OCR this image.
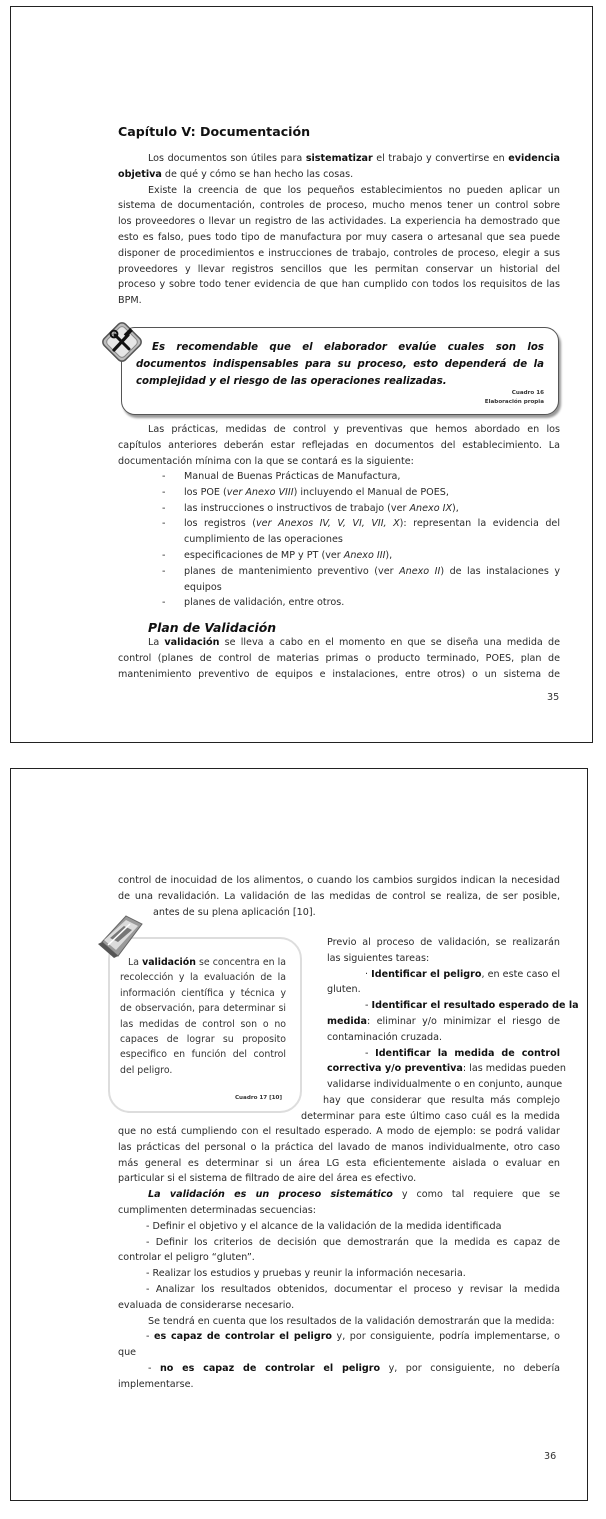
Capítulo V: Documentación
Los documentos son útiles para sistematizar el trabajo y convertirse en evidencia
objetiva de qué y cómo se han hecho las cosas.
Existe la creencia de que los pequeños establecimientos no pueden aplicar un
sistema de documentación, controles de proceso, mucho menos tener un control sobre
los proveedores o llevar un registro de las actividades. La experiencia ha demostrado que
esto es falso, pues todo tipo de manufactura por muy casera o artesanal que sea puede
disponer de procedimientos e instrucciones de trabajo, controles de proceso, elegir a sus
proveedores y llevar registros sencillos que les permitan conservar un historial del
proceso y sobre todo tener evidencia de que han cumplido con todos los requisitos de las
BPM.
Es recomendable que el elaborador evalúe cuales son los
documentos indispensables para su proceso, esto dependerá de la
complejidad y el riesgo de las operaciones realizadas.
Cuadro 16
Elaboración propia
Las prácticas, medidas de control y preventivas que hemos abordado en los
capítulos anteriores deberán estar reflejadas en documentos del establecimiento. La
documentación mínima con la que se contará es la siguiente:
- Manual de Buenas Prácticas de Manufactura,
- los POE (ver Anexo VIII) incluyendo el Manual de POES,
- las instrucciones o instructivos de trabajo (ver Anexo IX),
- los registros (ver Anexos IV, V, VI, VII, X): representan la evidencia del cumplimiento de las operaciones
- especificaciones de MP y PT (ver Anexo III),
- planes de mantenimiento preventivo (ver Anexo II) de las instalaciones y equipos
- planes de validación, entre otros.
Plan de Validación
La validación se lleva a cabo en el momento en que se diseña una medida de
control (planes de control de materias primas o producto terminado, POES, plan de
mantenimiento preventivo de equipos e instalaciones, entre otros) o un sistema de
35
control de inocuidad de los alimentos, o cuando los cambios surgidos indican la necesidad
de una revalidación. La validación de las medidas de control se realiza, de ser posible,
antes de su plena aplicación [10].
La validación se concentra en la recolección y la evaluación de la información científica y técnica y de observación, para determinar si las medidas de control son o no capaces de lograr su proposito especifico en función del control del peligro.
Cuadro 17 [10]
Previo al proceso de validación, se realizarán
las siguientes tareas:
· Identificar el peligro, en este caso el
gluten.
- Identificar el resultado esperado de la
medida: eliminar y/o minimizar el riesgo de
contaminación cruzada.
- Identificar la medida de control
correctiva y/o preventiva: las medidas pueden
validarse individualmente o en conjunto, aunque
hay que considerar que resulta más complejo
determinar para este último caso cuál es la medida
que no está cumpliendo con el resultado esperado. A modo de ejemplo: se podrá validar
las prácticas del personal o la práctica del lavado de manos individualmente, otro caso
más general es determinar si un área LG esta eficientemente aislada o evaluar en
particular si el sistema de filtrado de aire del área es efectivo.
La validación es un proceso sistemático y como tal requiere que se
cumplimenten determinadas secuencias:
- Definir el objetivo y el alcance de la validación de la medida identificada
- Definir los criterios de decisión que demostrarán que la medida es capaz de
controlar el peligro “gluten”.
- Realizar los estudios y pruebas y reunir la información necesaria.
- Analizar los resultados obtenidos, documentar el proceso y revisar la medida
evaluada de considerarse necesario.
Se tendrá en cuenta que los resultados de la validación demostrarán que la medida:
- es capaz de controlar el peligro y, por consiguiente, podría implementarse, o
que
- no es capaz de controlar el peligro y, por consiguiente, no debería
implementarse.
36
